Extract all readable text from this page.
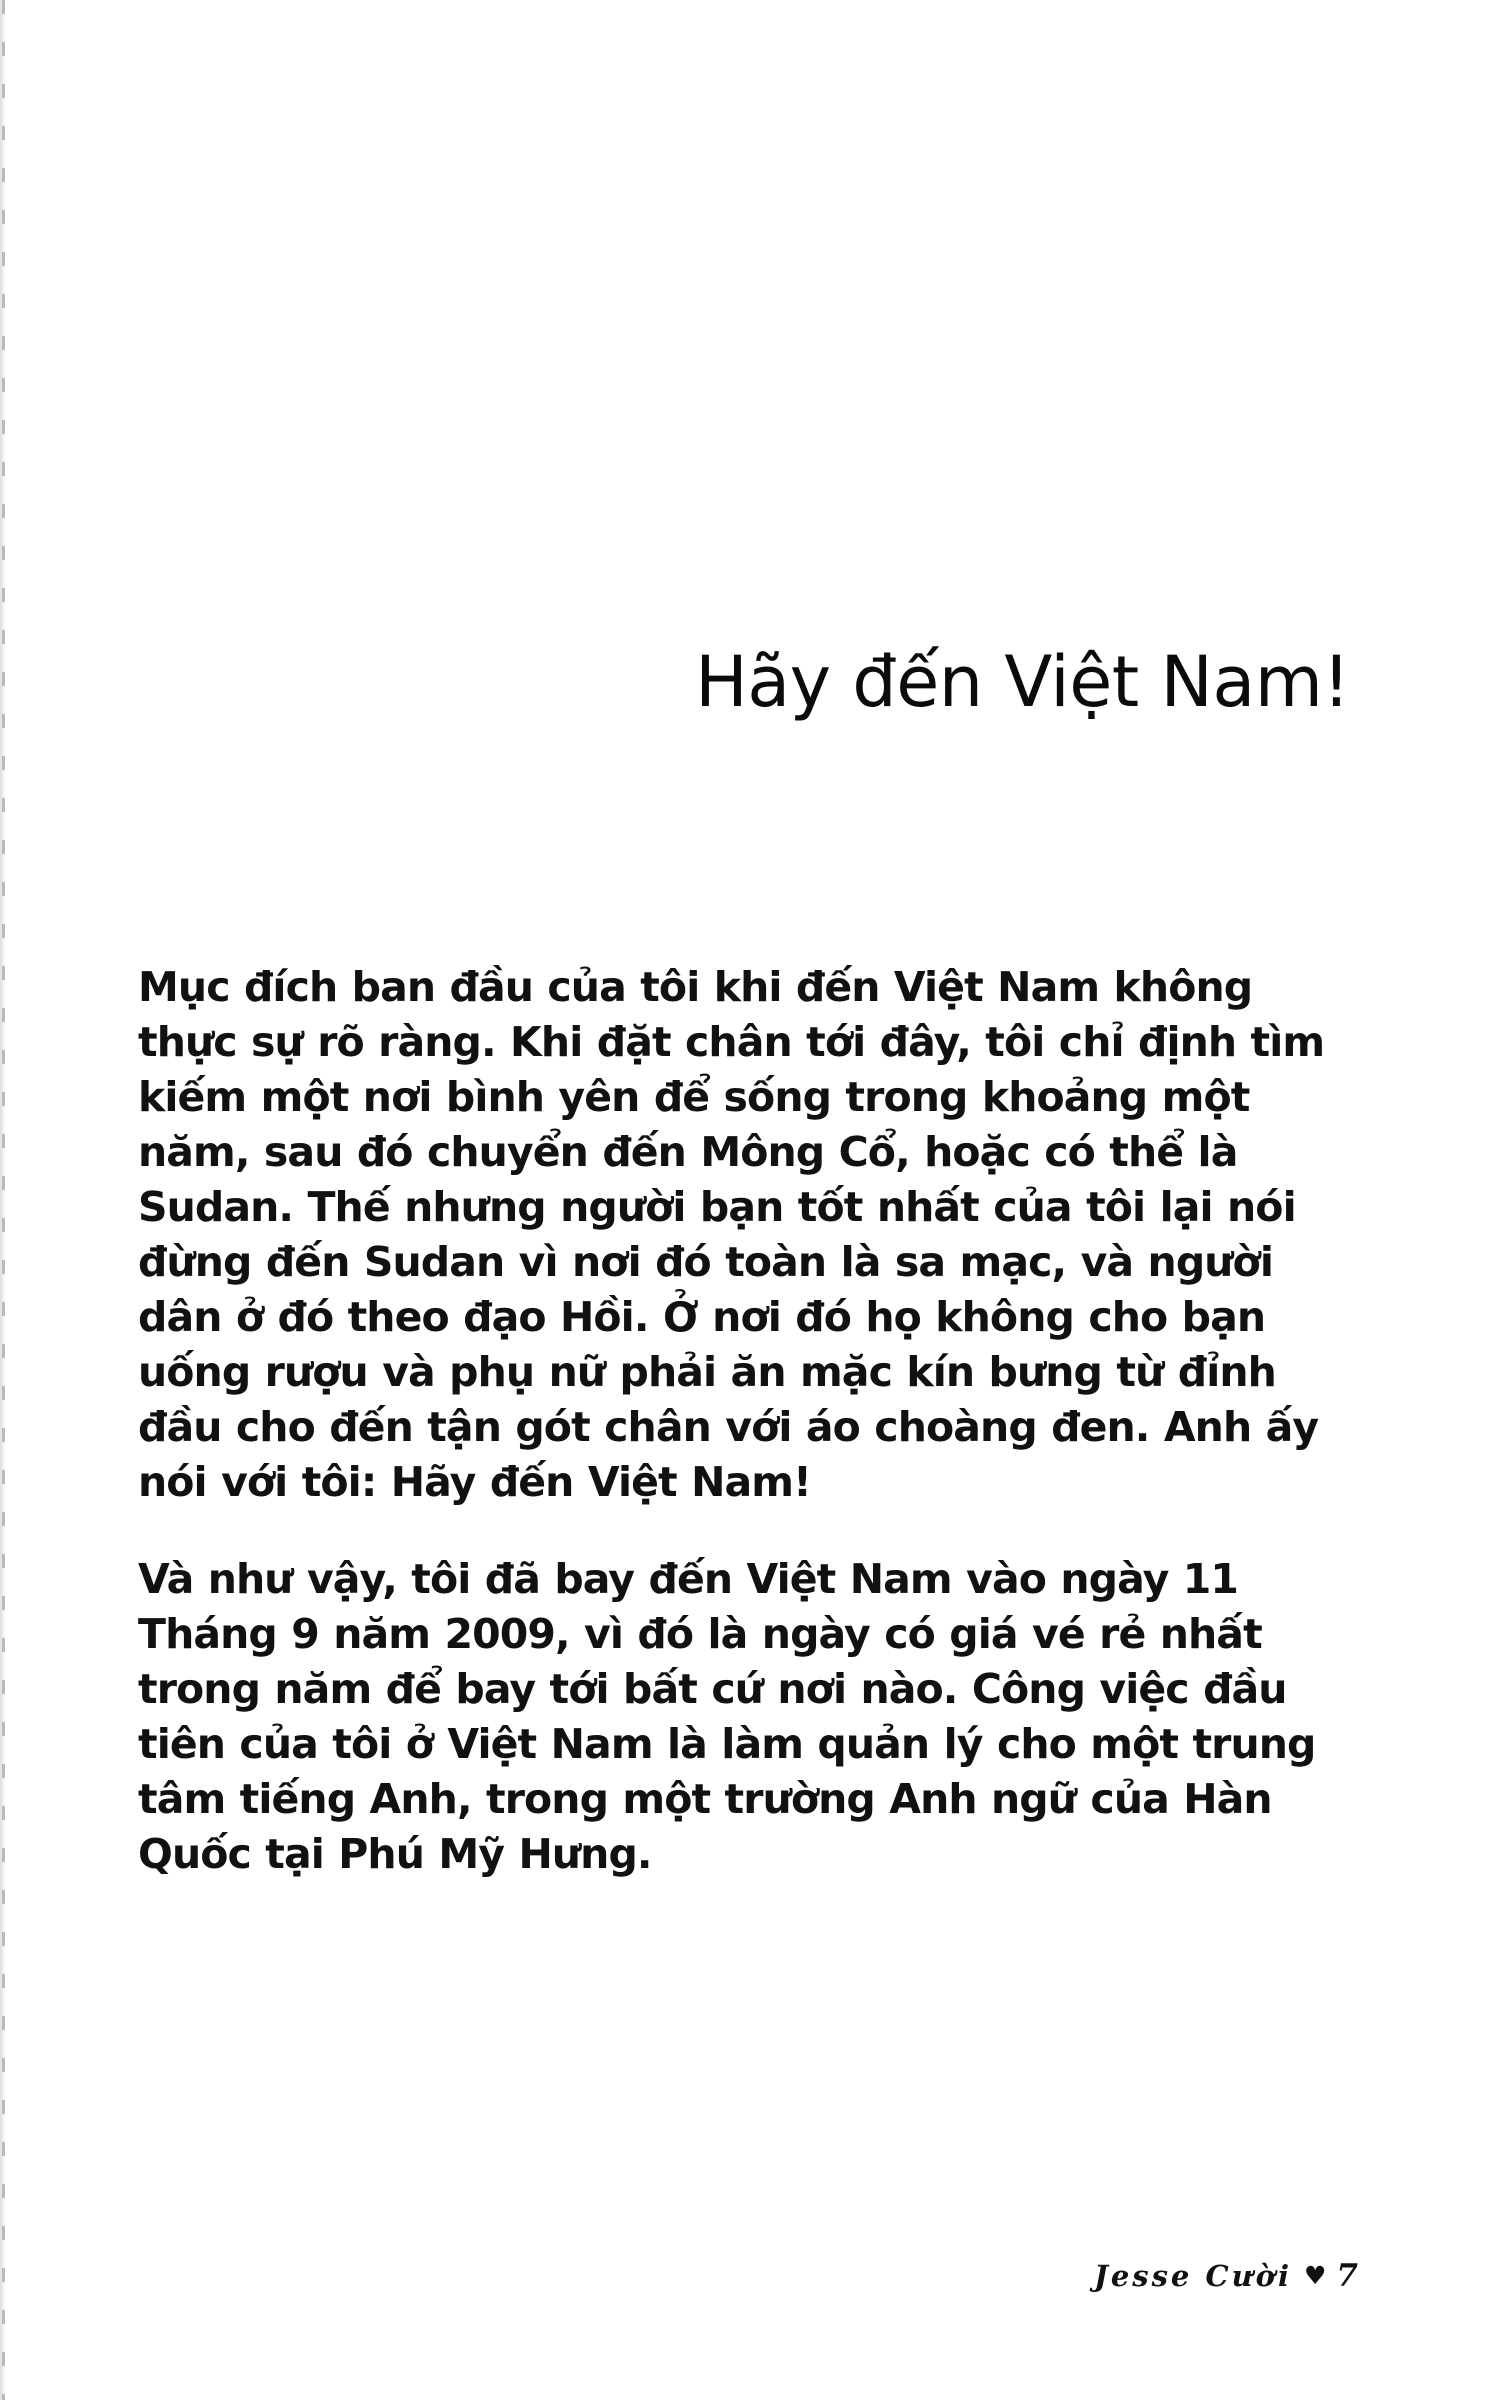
Hãy đến Việt Nam!

Mục đích ban đầu của tôi khi đến Việt Nam không
thực sự rõ ràng. Khi đặt chân tới đây, tôi chỉ định tìm
kiếm một nơi bình yên để sống trong khoảng một
năm, sau đó chuyển đến Mông Cổ, hoặc có thể là
Sudan. Thế nhưng người bạn tốt nhất của tôi lại nói
đừng đến Sudan vì nơi đó toàn là sa mạc, và người
dân ở đó theo đạo Hồi. Ở nơi đó họ không cho bạn
uống rượu và phụ nữ phải ăn mặc kín bưng từ đỉnh
đầu cho đến tận gót chân với áo choàng đen. Anh ấy
nói với tôi: Hãy đến Việt Nam!

Và như vậy, tôi đã bay đến Việt Nam vào ngày 11
Tháng 9 năm 2009, vì đó là ngày có giá vé rẻ nhất
trong năm để bay tới bất cứ nơi nào. Công việc đầu
tiên của tôi ở Việt Nam là làm quản lý cho một trung
tâm tiếng Anh, trong một trường Anh ngữ của Hàn
Quốc tại Phú Mỹ Hưng.

Jesse Cười ♥ 7
